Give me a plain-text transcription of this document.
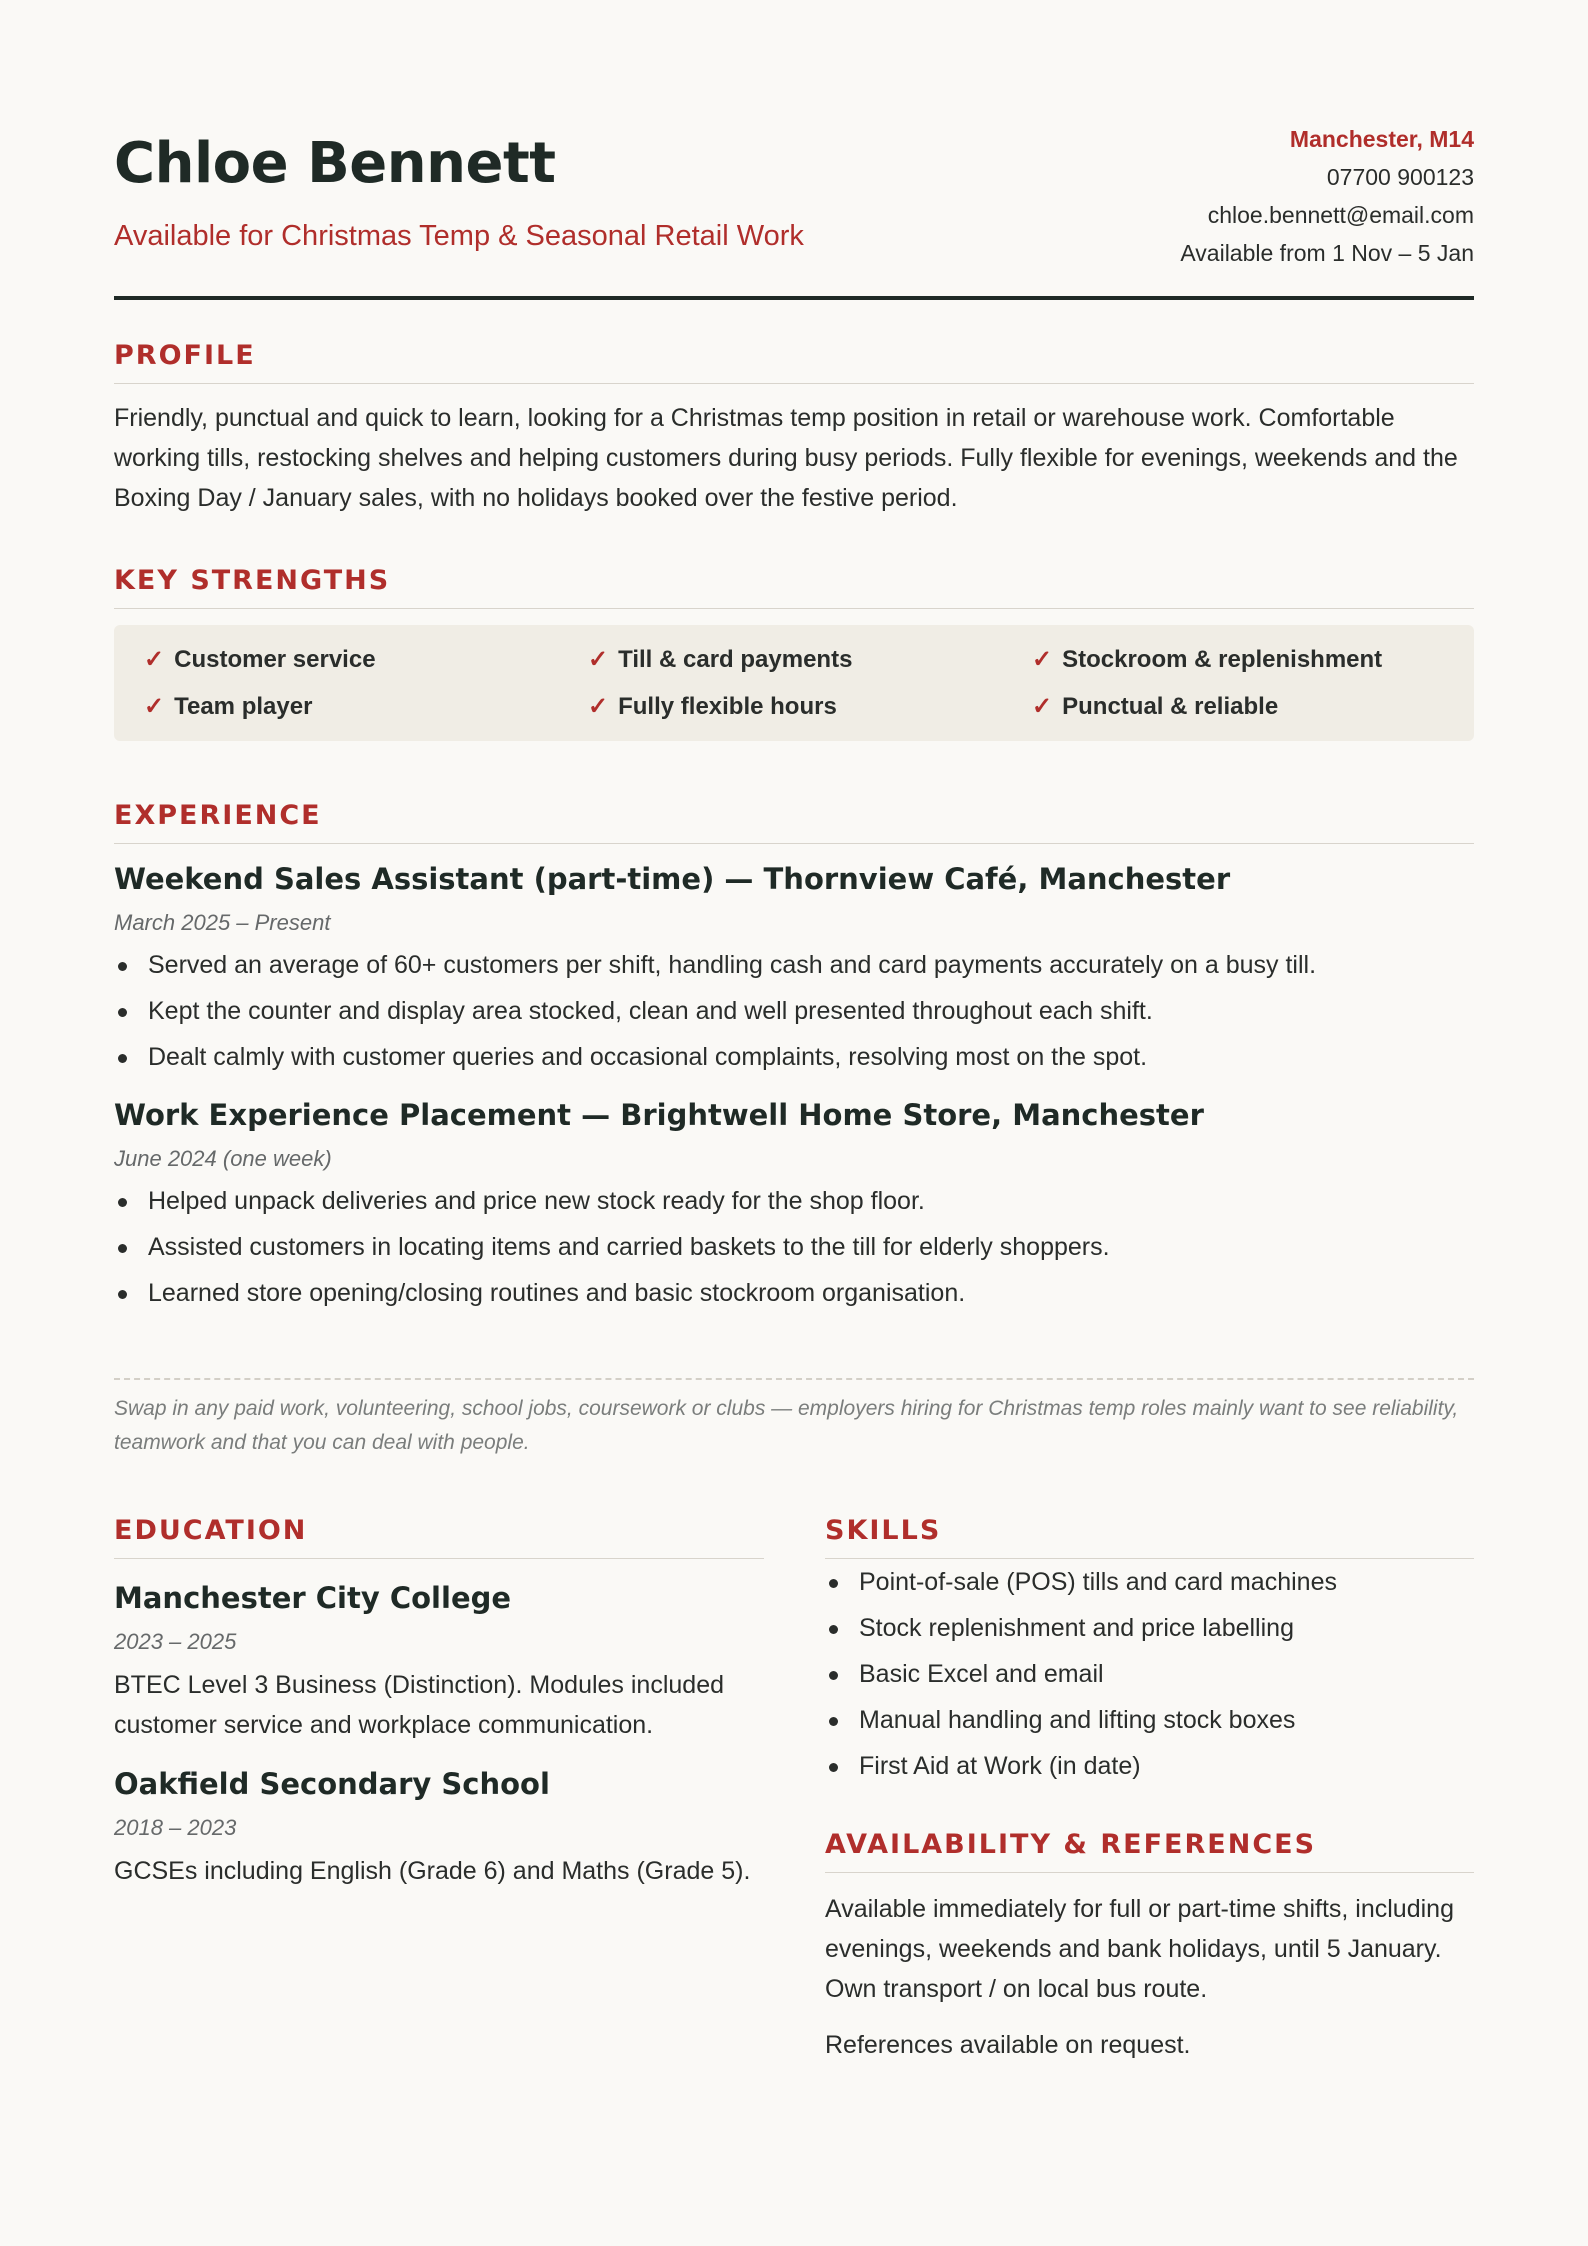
Chloe Bennett
Available for Christmas Temp & Seasonal Retail Work
Manchester, M14
07700 900123
chloe.bennett@email.com
Available from 1 Nov – 5 Jan
PROFILE

Friendly, punctual and quick to learn, looking for a Christmas temp position in retail or warehouse work. Comfortable working tills, restocking shelves and helping customers during busy periods. Fully flexible for evenings, weekends and the Boxing Day / January sales, with no holidays booked over the festive period.

KEY STRENGTHS
✓ Customer service	✓ Till & card payments	✓ Stockroom & replenishment
✓ Team player	✓ Fully flexible hours	✓ Punctual & reliable
EXPERIENCE
Weekend Sales Assistant (part-time) — Thornview Café, Manchester
March 2025 – Present
Served an average of 60+ customers per shift, handling cash and card payments accurately on a busy till.
Kept the counter and display area stocked, clean and well presented throughout each shift.
Dealt calmly with customer queries and occasional complaints, resolving most on the spot.
Work Experience Placement — Brightwell Home Store, Manchester
June 2024 (one week)
Helped unpack deliveries and price new stock ready for the shop floor.
Assisted customers in locating items and carried baskets to the till for elderly shoppers.
Learned store opening/closing routines and basic stockroom organisation.
Swap in any paid work, volunteering, school jobs, coursework or clubs — employers hiring for Christmas temp roles mainly want to see reliability, teamwork and that you can deal with people.
EDUCATION
Manchester City College
2023 – 2025

BTEC Level 3 Business (Distinction). Modules included customer service and workplace communication.

Oakfield Secondary School
2018 – 2023

GCSEs including English (Grade 6) and Maths (Grade 5).

SKILLS
Point-of-sale (POS) tills and card machines
Stock replenishment and price labelling
Basic Excel and email
Manual handling and lifting stock boxes
First Aid at Work (in date)
AVAILABILITY & REFERENCES

Available immediately for full or part-time shifts, including evenings, weekends and bank holidays, until 5 January. Own transport / on local bus route.

References available on request.
